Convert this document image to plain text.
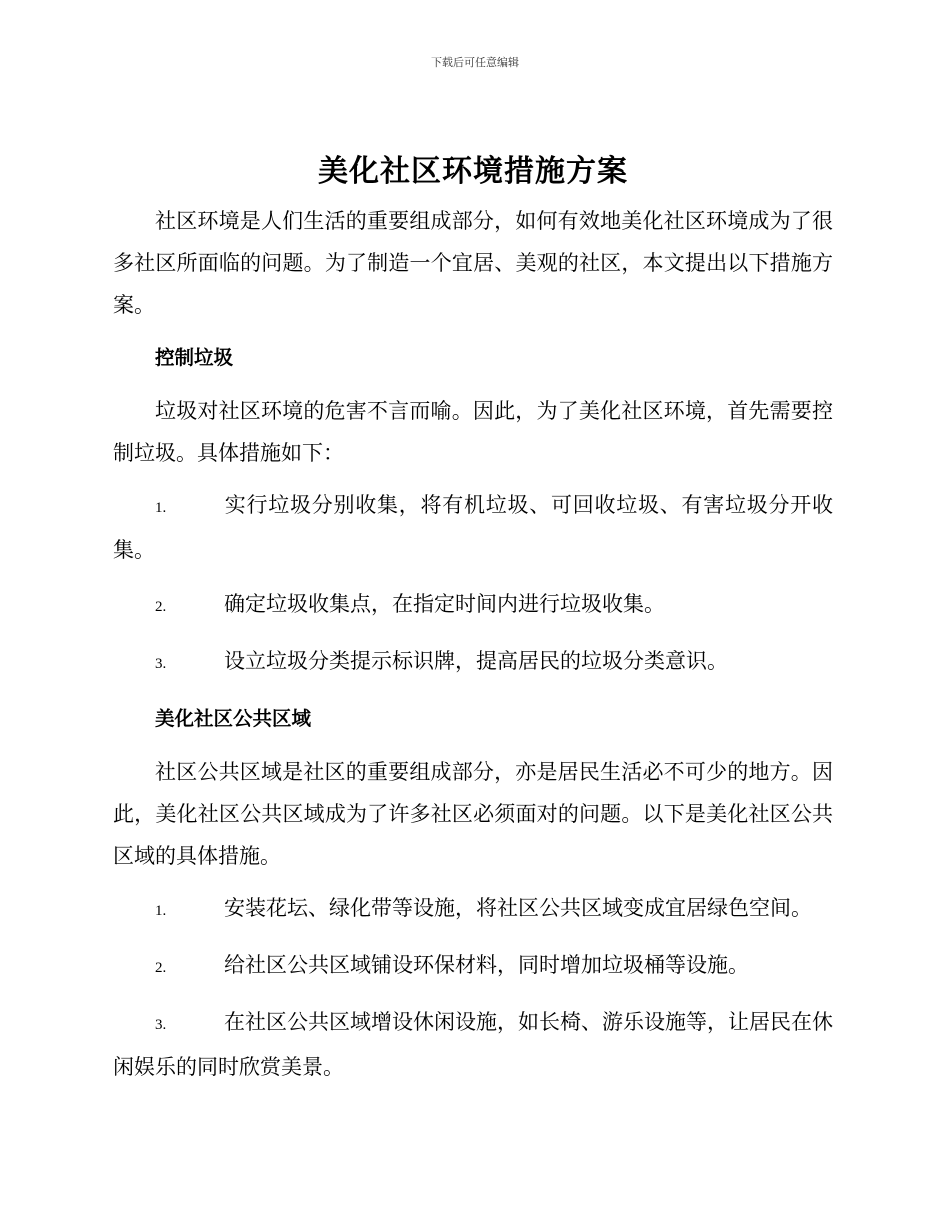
下载后可任意编辑
美化社区环境措施方案

社区环境是人们生活的重要组成部分，如何有效地美化社区环境成为了很多社区所面临的问题。为了制造一个宜居、美观的社区，本文提出以下措施方案。

控制垃圾

垃圾对社区环境的危害不言而喻。因此，为了美化社区环境，首先需要控制垃圾。具体措施如下：

1.	实行垃圾分别收集，将有机垃圾、可回收垃圾、有害垃圾分开收集。

2.	确定垃圾收集点，在指定时间内进行垃圾收集。

3.	设立垃圾分类提示标识牌，提高居民的垃圾分类意识。

美化社区公共区域

社区公共区域是社区的重要组成部分，亦是居民生活必不可少的地方。因此，美化社区公共区域成为了许多社区必须面对的问题。以下是美化社区公共区域的具体措施。

1.	安装花坛、绿化带等设施，将社区公共区域变成宜居绿色空间。

2.	给社区公共区域铺设环保材料，同时增加垃圾桶等设施。

3.	在社区公共区域增设休闲设施，如长椅、游乐设施等，让居民在休闲娱乐的同时欣赏美景。
